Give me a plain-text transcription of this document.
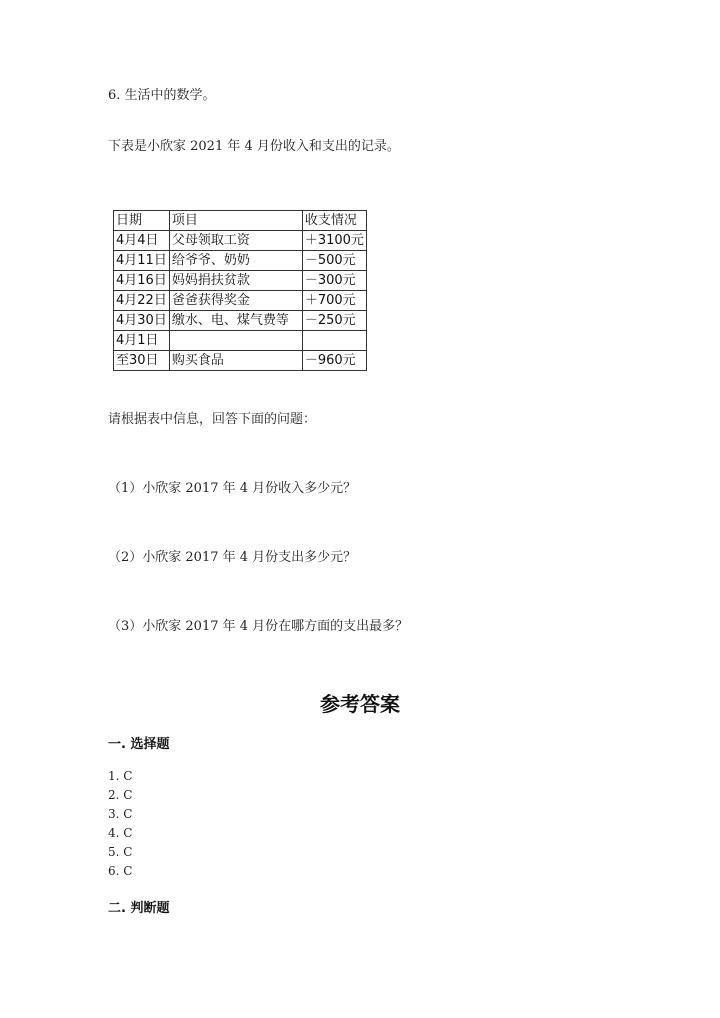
6. 生活中的数学。
下表是小欣家 2021 年 4 月份收入和支出的记录。
日期	项目	收支情况
4月4日	父母领取工资	＋3100元
4月11日	给爷爷、奶奶	－500元
4月16日	妈妈捐扶贫款	－300元
4月22日	爸爸获得奖金	＋700元
4月30日	缴水、电、煤气费等	－250元
4月1日		
至30日	购买食品	－960元
请根据表中信息，回答下面的问题：
（1）小欣家 2017 年 4 月份收入多少元？
（2）小欣家 2017 年 4 月份支出多少元？
（3）小欣家 2017 年 4 月份在哪方面的支出最多？
参考答案
一. 选择题
1. C
2. C
3. C
4. C
5. C
6. C
二. 判断题
